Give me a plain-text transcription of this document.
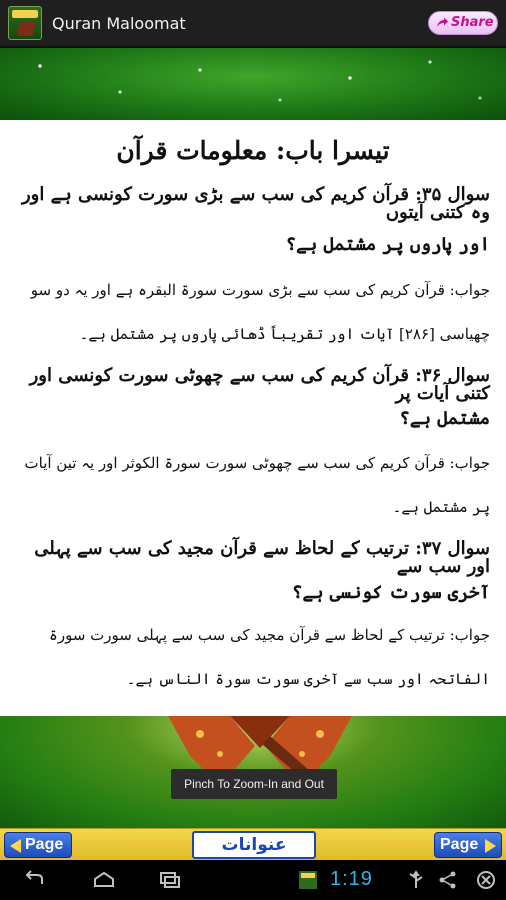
Quran Maloomat	Share
تیسرا باب: معلومات قرآن
سوال ۳۵: قرآن کریم کی سب سے بڑی سورت کونسی ہے اور وہ کتنی آیتوں
اور پاروں پر مشتمل ہے؟
جواب: قرآن کریم کی سب سے بڑی سورت سورۃ البقرہ ہے اور یہ دو سو
چھیاسی [۲۸۶] آیات اور تقریباً ڈھائی پاروں پر مشتمل ہے۔
سوال ۳۶: قرآن کریم کی سب سے چھوٹی سورت کونسی اور کتنی آیات پر
مشتمل ہے؟
جواب: قرآن کریم کی سب سے چھوٹی سورت سورۃ الکوثر اور یہ تین آیات
پر مشتمل ہے۔
سوال ۳۷: ترتیب کے لحاظ سے قرآن مجید کی سب سے پہلی اور سب سے
آخری سورت کونسی ہے؟
جواب: ترتیب کے لحاظ سے قرآن مجید کی سب سے پہلی سورت سورۃ
الفاتحہ اور سب سے آخری سورت سورۃ الناس ہے۔
Pinch To Zoom-In and Out
Page	عنوانات	Page
1:19
